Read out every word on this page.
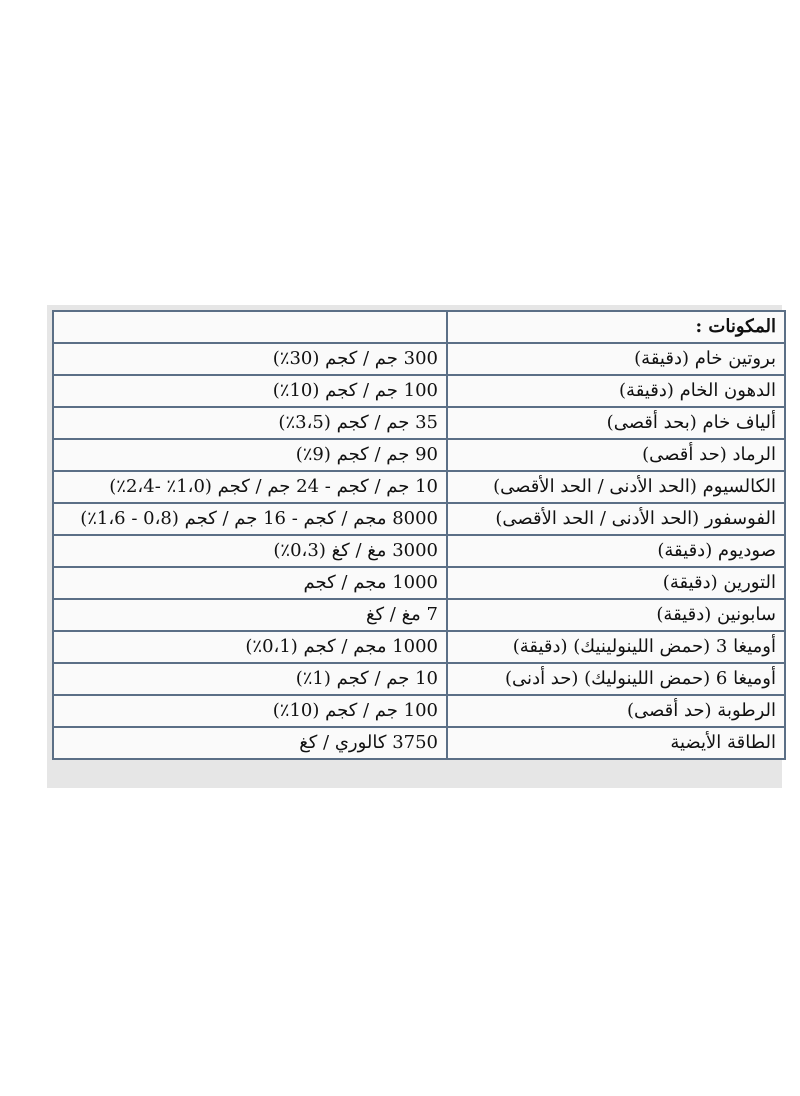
المكونات :	
بروتين خام (دقيقة)	300 جم / كجم (30٪)
الدهون الخام (دقيقة)	100 جم / كجم (10٪)
ألياف خام (بحد أقصى)	35 جم / كجم (3،5٪)
الرماد (حد أقصى)	90 جم / كجم (9٪)
الكالسيوم (الحد الأدنى / الحد الأقصى)	10 جم / كجم - 24 جم / كجم (1،0٪ -2،4٪)
الفوسفور (الحد الأدنى / الحد الأقصى)	8000 مجم / كجم - 16 جم / كجم (0،8 - 1،6٪)
صوديوم (دقيقة)	3000 مغ / كغ (0،3٪)
التورين (دقيقة)	1000 مجم / كجم
سابونين (دقيقة)	7 مغ / كغ
أوميغا 3 (حمض اللينولينيك) (دقيقة)	1000 مجم / كجم (0،1٪)
أوميغا 6 (حمض اللينوليك) (حد أدنى)	10 جم / كجم (1٪)
الرطوبة (حد أقصى)	100 جم / كجم (10٪)
الطاقة الأيضية	3750 كالوري / كغ
